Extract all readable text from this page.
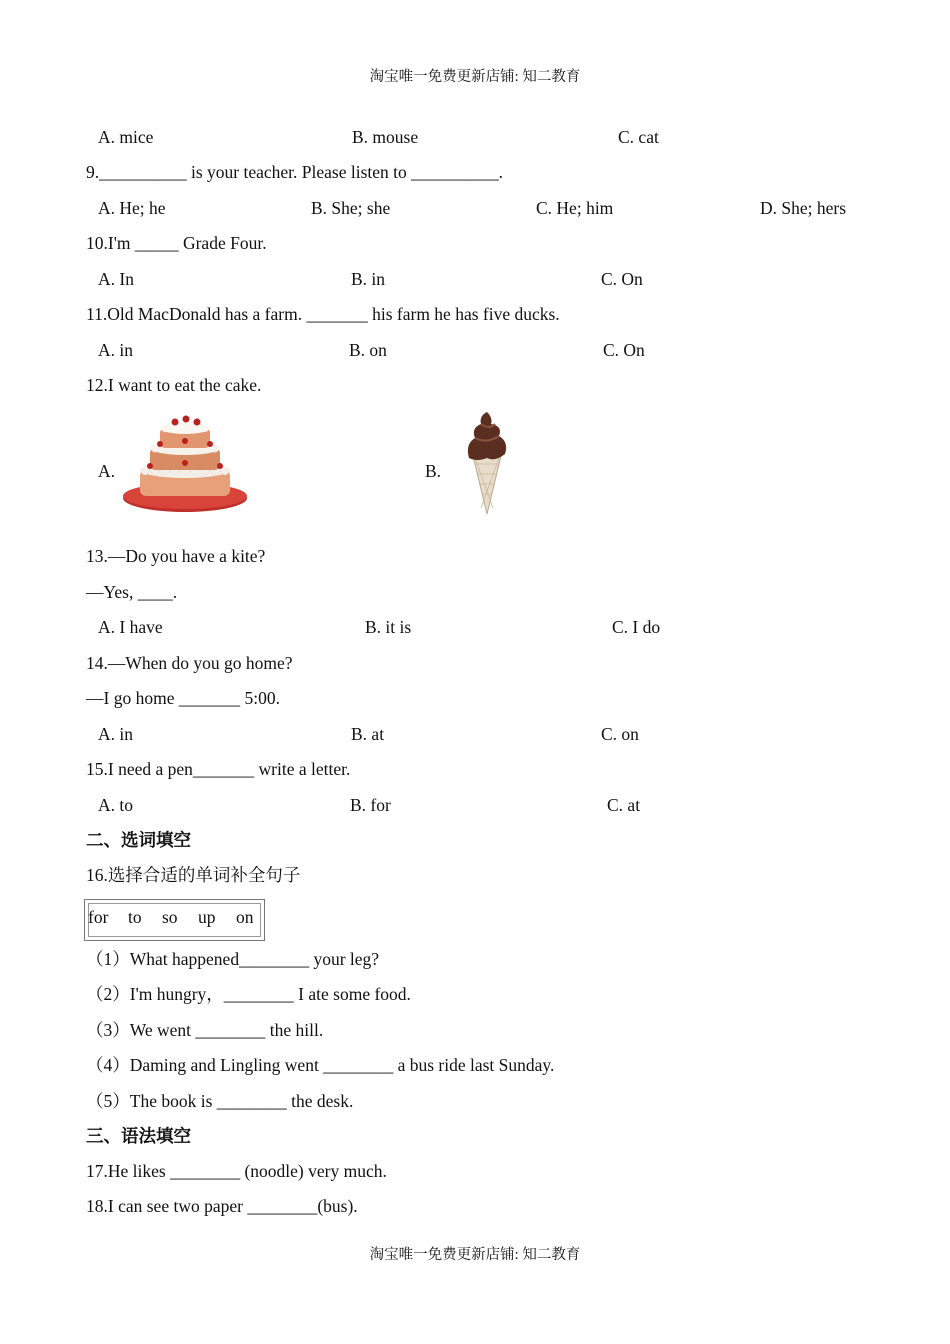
淘宝唯一免费更新店铺: 知二教育
A. mice	B. mouse	C. cat
9.__________ is your teacher. Please listen to __________.
A. He; he	B. She; she	C. He; him	D. She; hers
10.I'm _____ Grade Four.
A. In	B. in	C. On
11.Old MacDonald has a farm. _______ his farm he has five ducks.
A. in	B. on	C. On
12.I want to eat the cake.
A.	B.
13.—Do you have a kite?
—Yes, ____.
A. I have	B. it is	C. I do
14.—When do you go home?
—I go home _______ 5:00.
A. in	B. at	C. on
15.I need a pen_______ write a letter.
A. to	B. for	C. at
二、选词填空
16.选择合适的单词补全句子
for to so up on
（1）What happened________ your leg?
（2）I'm hungry，________ I ate some food.
（3）We went ________ the hill.
（4）Daming and Lingling went ________ a bus ride last Sunday.
（5）The book is ________ the desk.
三、语法填空
17.He likes ________ (noodle) very much.
18.I can see two paper ________(bus).
淘宝唯一免费更新店铺: 知二教育
